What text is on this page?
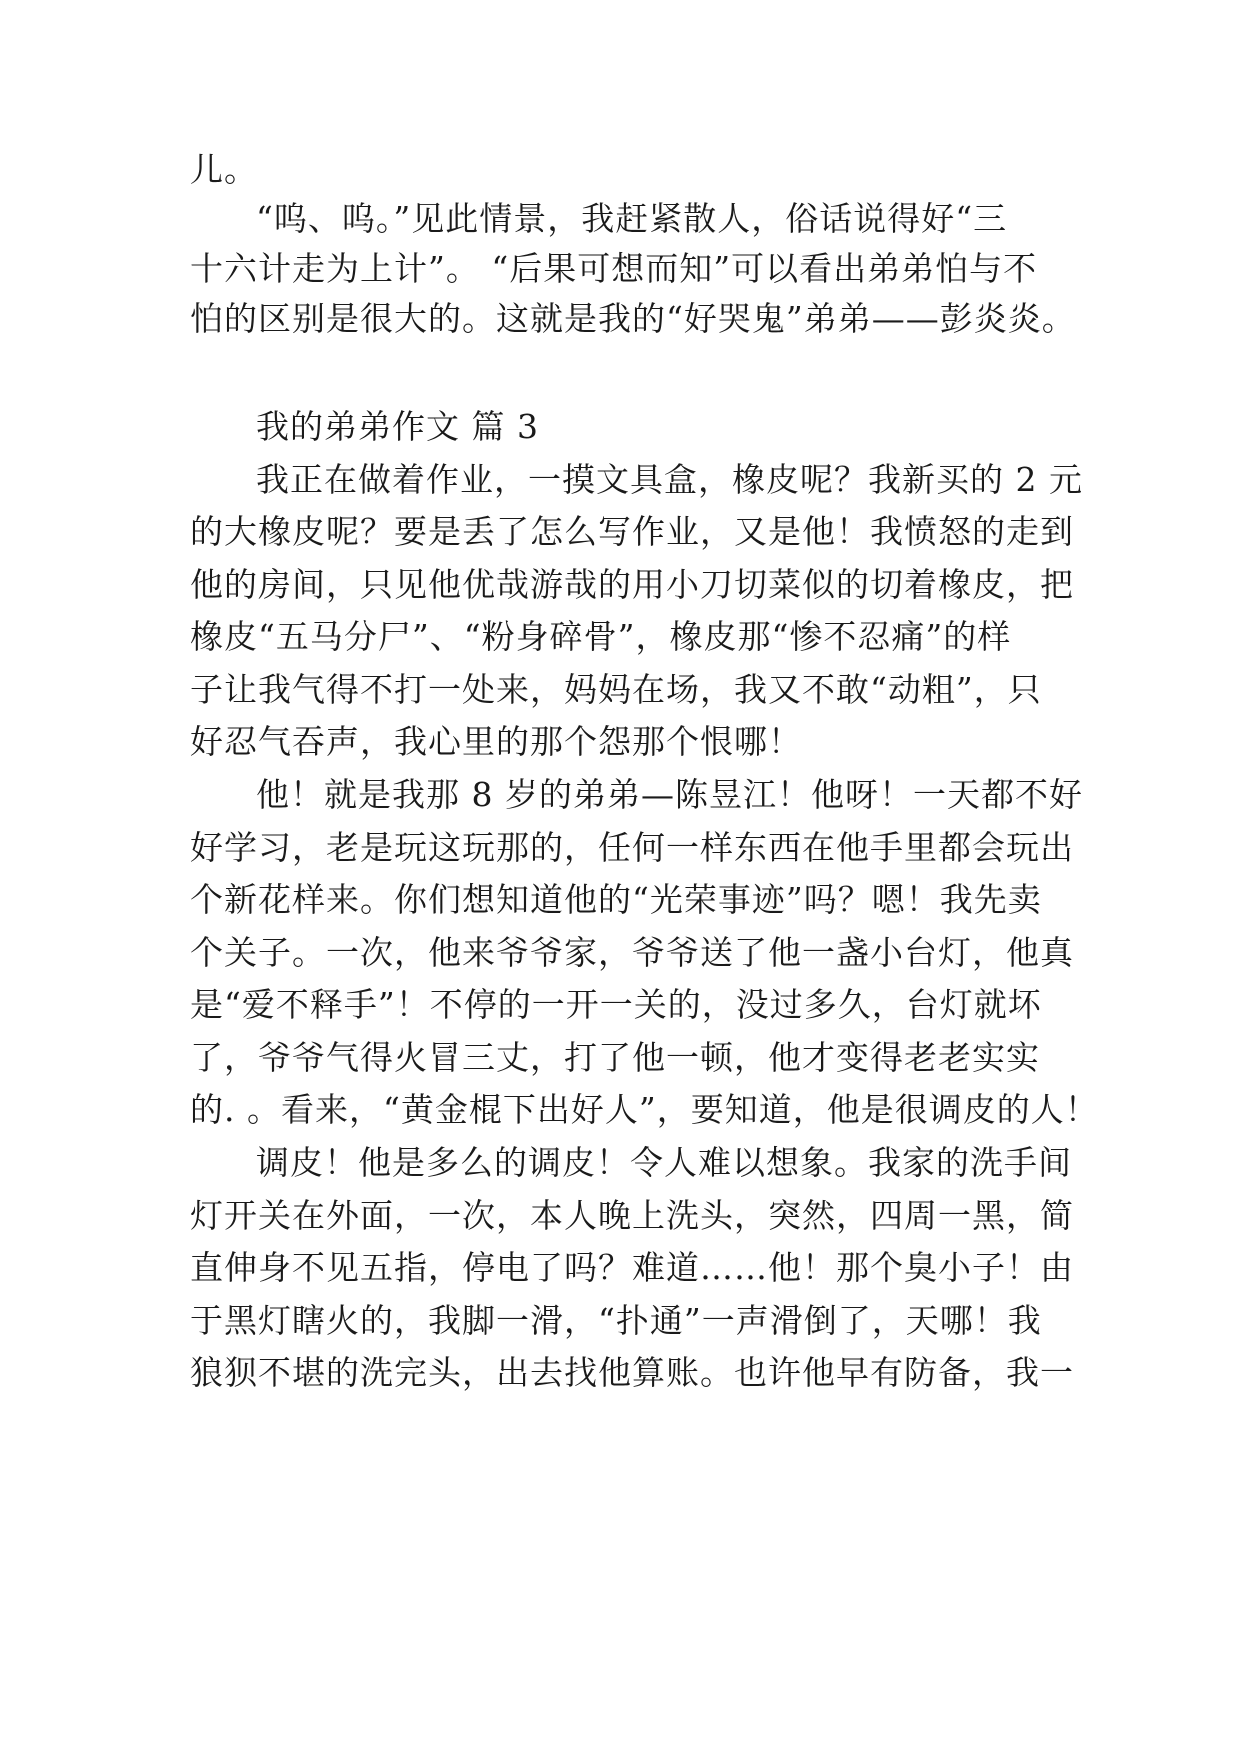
儿。
“呜、呜。”见此情景，我赶紧散人，俗话说得好“三
十六计走为上计”。 “后果可想而知”可以看出弟弟怕与不
怕的区别是很大的。这就是我的“好哭鬼”弟弟——彭炎炎。
我的弟弟作文 篇 3
我正在做着作业，一摸文具盒，橡皮呢？我新买的 2 元
的大橡皮呢？要是丢了怎么写作业，又是他！我愤怒的走到
他的房间，只见他优哉游哉的用小刀切菜似的切着橡皮，把
橡皮“五马分尸”、“粉身碎骨”，橡皮那“惨不忍痛”的样
子让我气得不打一处来，妈妈在场，我又不敢“动粗”，只
好忍气吞声，我心里的那个怨那个恨哪！
他！就是我那 8 岁的弟弟—陈昱江！他呀！一天都不好
好学习，老是玩这玩那的，任何一样东西在他手里都会玩出
个新花样来。你们想知道他的“光荣事迹”吗？嗯！我先卖
个关子。一次，他来爷爷家，爷爷送了他一盏小台灯，他真
是“爱不释手”！不停的一开一关的，没过多久，台灯就坏
了，爷爷气得火冒三丈，打了他一顿，他才变得老老实实
的. 。看来，“黄金棍下出好人”，要知道，他是很调皮的人！
调皮！他是多么的调皮！令人难以想象。我家的洗手间
灯开关在外面，一次，本人晚上洗头，突然，四周一黑，简
直伸身不见五指，停电了吗？难道……他！那个臭小子！由
于黑灯瞎火的，我脚一滑，“扑通”一声滑倒了，天哪！我
狼狈不堪的洗完头，出去找他算账。也许他早有防备，我一
